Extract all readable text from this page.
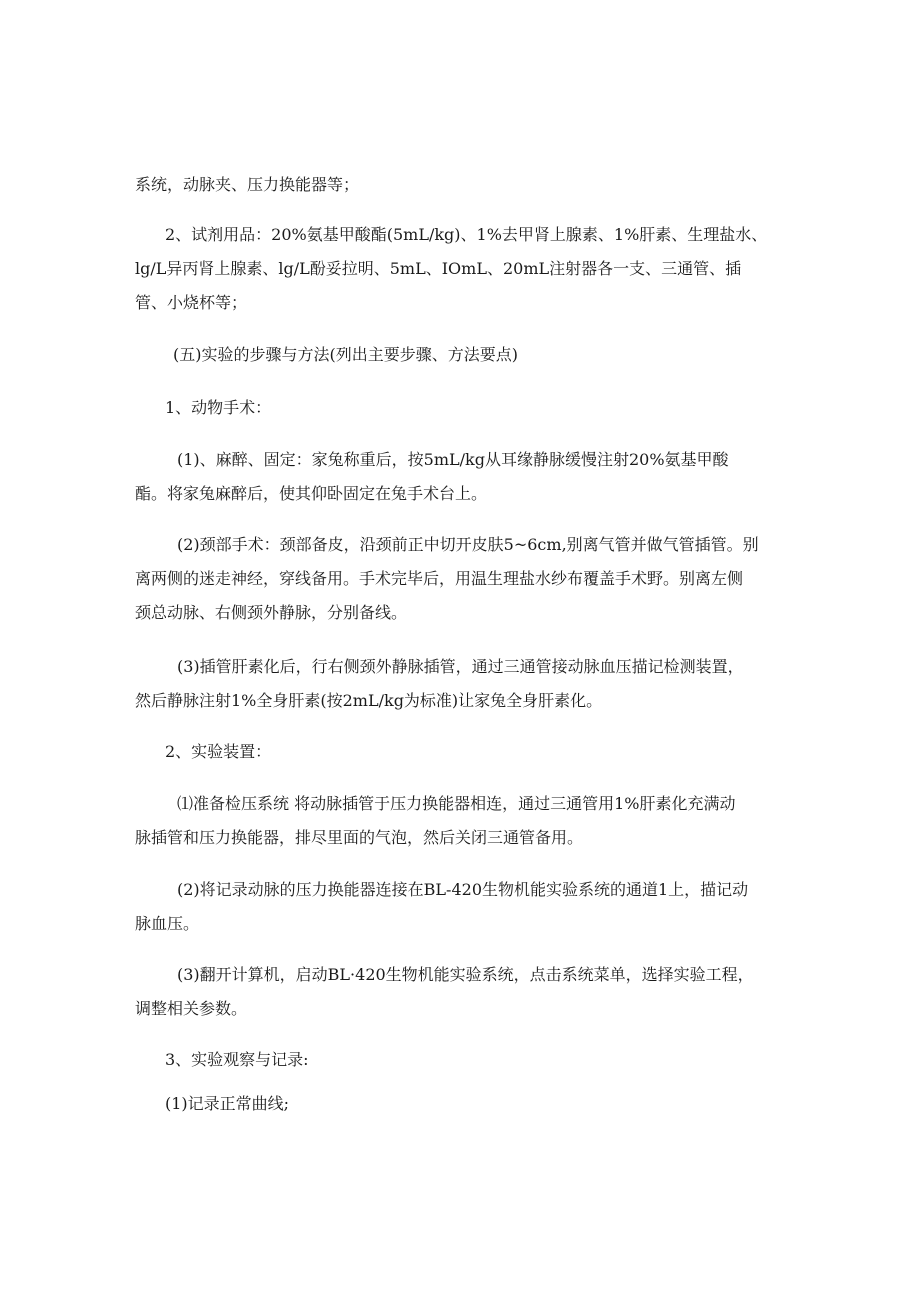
系统，动脉夹、压力换能器等；

2、试剂用品：20%氨基甲酸酯(5mL/kg)、1%去甲肾上腺素、1%肝素、生理盐水、
lg/L异丙肾上腺素、lg/L酚妥拉明、5mL、IOmL、20mL注射器各一支、三通管、插
管、小烧杯等；

(五)实验的步骤与方法(列出主要步骤、方法要点)

1、动物手术：

(1)、麻醉、固定：家兔称重后，按5mL/kg从耳缘静脉缓慢注射20%氨基甲酸
酯。将家兔麻醉后，使其仰卧固定在兔手术台上。

(2)颈部手术：颈部备皮，沿颈前正中切开皮肤5~6cm,别离气管并做气管插管。别
离两侧的迷走神经，穿线备用。手术完毕后，用温生理盐水纱布覆盖手术野。别离左侧
颈总动脉、右侧颈外静脉，分别备线。

(3)插管肝素化后，行右侧颈外静脉插管，通过三通管接动脉血压描记检测装置，
然后静脉注射1%全身肝素(按2mL/kg为标准)让家兔全身肝素化。

2、实验装置：

⑴准备检压系统 将动脉插管于压力换能器相连，通过三通管用1%肝素化充满动
脉插管和压力换能器，排尽里面的气泡，然后关闭三通管备用。

(2)将记录动脉的压力换能器连接在BL-420生物机能实验系统的通道1上，描记动
脉血压。

(3)翻开计算机，启动BL·420生物机能实验系统，点击系统菜单，选择实验工程，
调整相关参数。

3、实验观察与记录:

(1)记录正常曲线;
